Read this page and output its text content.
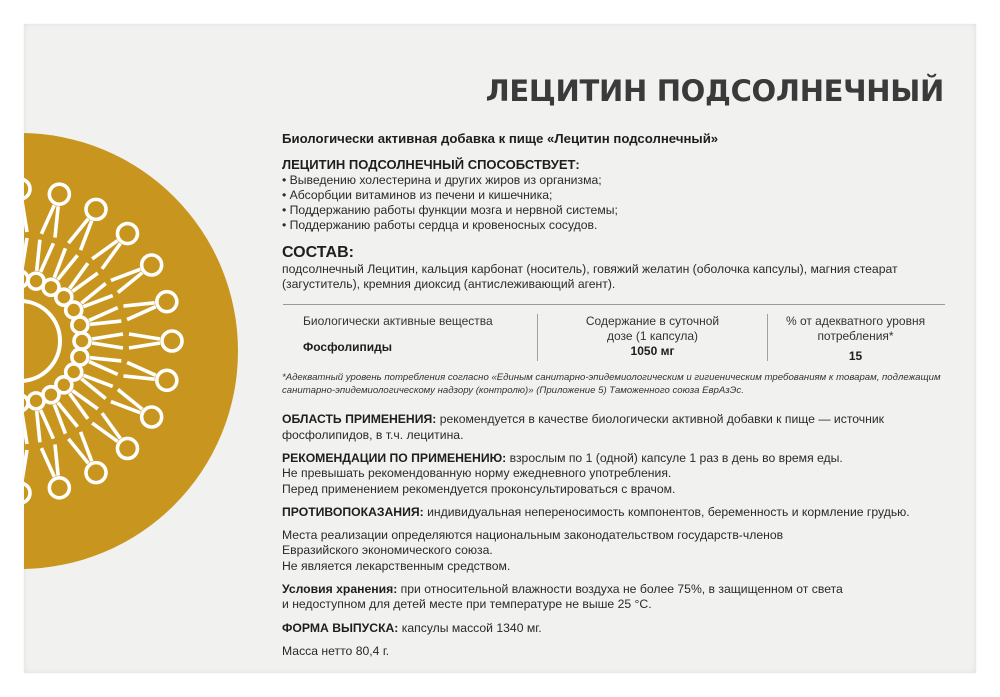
ЛЕЦИТИН ПОДСОЛНЕЧНЫЙ
Биологически активная добавка к пище «Лецитин подсолнечный»
ЛЕЦИТИН ПОДСОЛНЕЧНЫЙ СПОСОБСТВУЕТ:
• Выведению холестерина и других жиров из организма;
• Абсорбции витаминов из печени и кишечника;
• Поддержанию работы функции мозга и нервной системы;
• Поддержанию работы сердца и кровеносных сосудов.
СОСТАВ:
подсолнечный Лецитин, кальция карбонат (носитель), говяжий желатин (оболочка капсулы), магния стеарат (загуститель), кремния диоксид (антислеживающий агент).
Биологически активные вещества
Фосфолипиды
Содержание в суточной дозе (1 капсула)
1050 мг
% от адекватного уровня потребления*
15
*Адекватный уровень потребления согласно «Единым санитарно-эпидемиологическим и гигиеническим требованиям к товарам, подлежащим санитарно-эпидемиологическому надзору (контролю)» (Приложение 5) Таможенного союза ЕврАзЭс.
ОБЛАСТЬ ПРИМЕНЕНИЯ: рекомендуется в качестве биологически активной добавки к пище — источник фосфолипидов, в т.ч. лецитина.
РЕКОМЕНДАЦИИ ПО ПРИМЕНЕНИЮ: взрослым по 1 (одной) капсуле 1 раз в день во время еды.
Не превышать рекомендованную норму ежедневного употребления.
Перед применением рекомендуется проконсультироваться с врачом.
ПРОТИВОПОКАЗАНИЯ: индивидуальная непереносимость компонентов, беременность и кормление грудью.
Места реализации определяются национальным законодательством государств-членов
Евразийского экономического союза.
Не является лекарственным средством.
Условия хранения: при относительной влажности воздуха не более 75%, в защищенном от света
и недоступном для детей месте при температуре не выше 25 °C.
ФОРМА ВЫПУСКА: капсулы массой 1340 мг.
Масса нетто 80,4 г.
